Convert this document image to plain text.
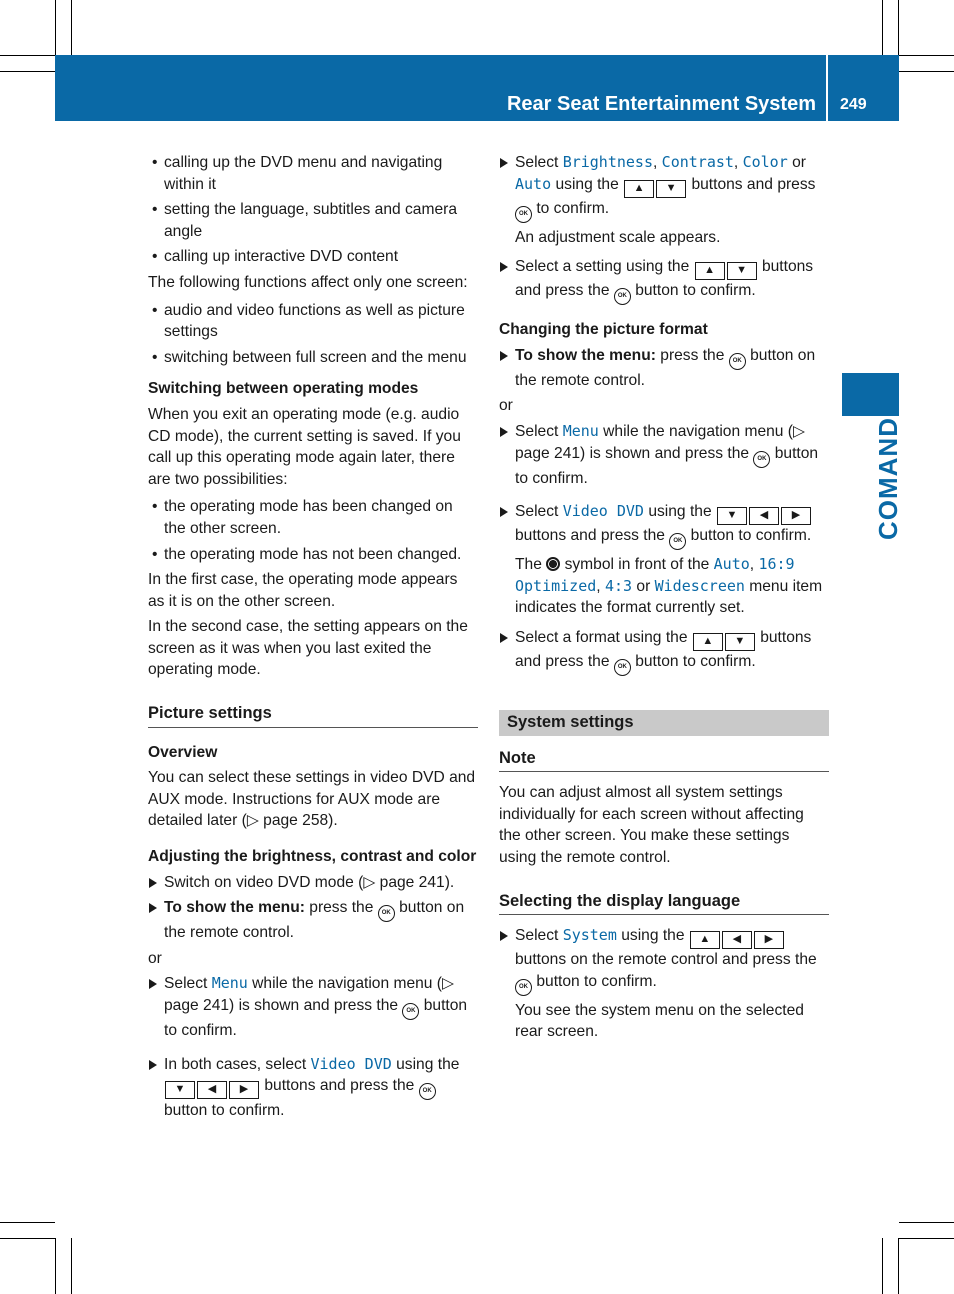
Rear Seat Entertainment System 249
COMAND

• calling up the DVD menu and navigating within it

• setting the language, subtitles and camera angle

• calling up interactive DVD content

The following functions affect only one screen:

• audio and video functions as well as picture settings

• switching between full screen and the menu

Switching between operating modes

When you exit an operating mode (e.g. audio CD mode), the current setting is saved. If you call up this operating mode again later, there are two possibilities:

• the operating mode has been changed on the other screen.

• the operating mode has not been changed.

In the first case, the operating mode appears as it is on the other screen.

In the second case, the setting appears on the screen as it was when you last exited the operating mode.

Picture settings

Overview

You can select these settings in video DVD and AUX mode. Instructions for AUX mode are detailed later (▷ page 258).

Adjusting the brightness, contrast and color

Switch on video DVD mode (▷ page 241).

To show the menu: press the OK button on the remote control.

or

Select Menu while the navigation menu (▷ page 241) is shown and press the OK button to confirm.

In both cases, select Video DVD using the ▼ ◀ ▶ buttons and press the OK button to confirm.

Select Brightness, Contrast, Color or Auto using the ▲ ▼ buttons and press OK to confirm.

An adjustment scale appears.

Select a setting using the ▲ ▼ buttons and press the OK button to confirm.

Changing the picture format

To show the menu: press the OK button on the remote control.

or

Select Menu while the navigation menu (▷ page 241) is shown and press the OK button to confirm.

Select Video DVD using the ▼ ◀ ▶ buttons and press the OK button to confirm.

The symbol in front of the Auto, 16:9 Optimized, 4:3 or Widescreen menu item indicates the format currently set.

Select a format using the ▲ ▼ buttons and press the OK button to confirm.

System settings
Note

You can adjust almost all system settings individually for each screen without affecting the other screen. You make these settings using the remote control.

Selecting the display language

Select System using the ▲ ◀ ▶ buttons on the remote control and press the OK button to confirm.

You see the system menu on the selected rear screen.
